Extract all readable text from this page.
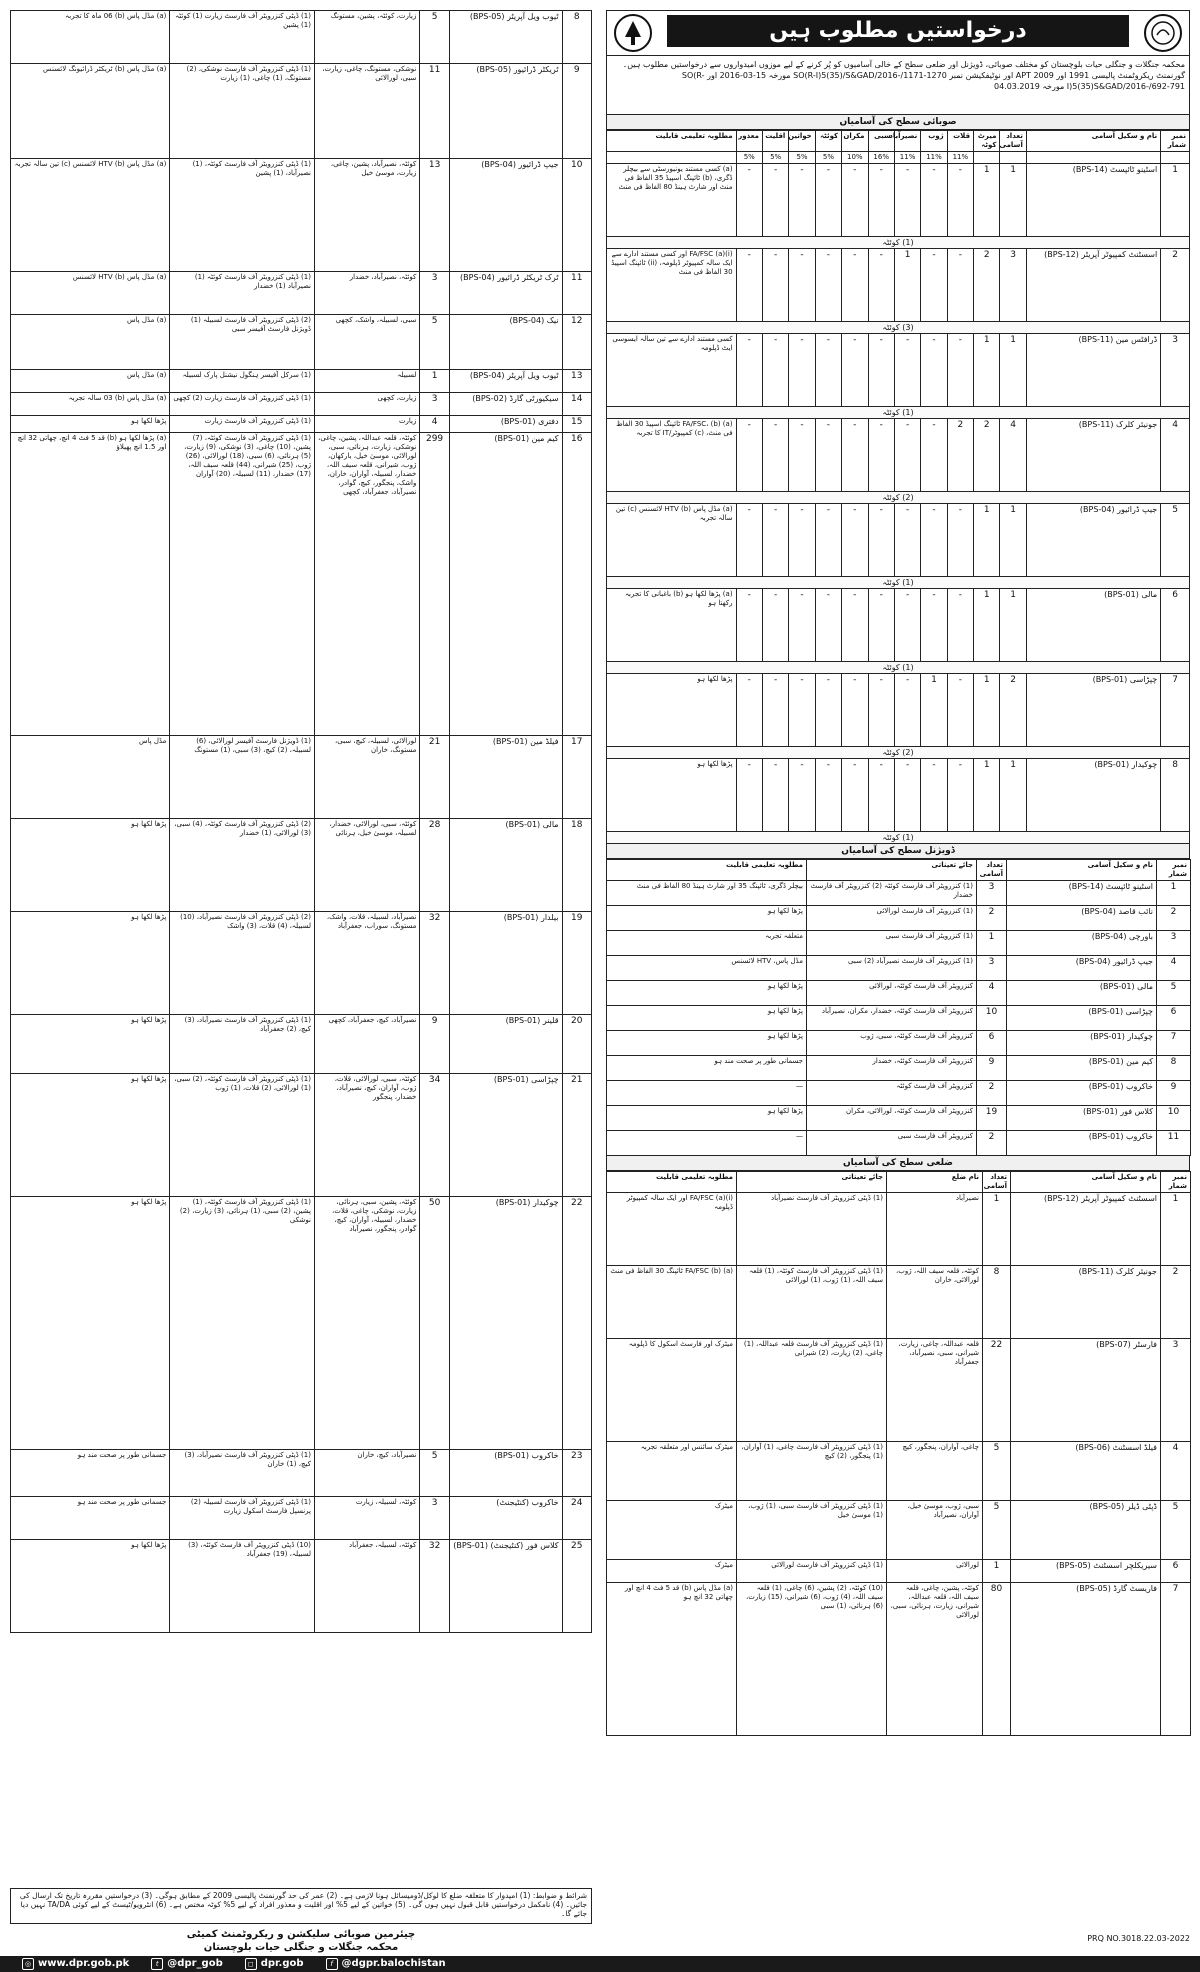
(a) مڈل پاس (b) 06 ماہ کا تجربہ	(1) ڈپٹی کنزرویٹر آف فارسٹ زیارت (1) کوئٹہ (1) پشین	زیارت، کوئٹہ، پشین، مستونگ	5	ٹیوب ویل آپریٹر (BPS-05)	8
(a) مڈل پاس (b) ٹریکٹر ڈرائیونگ لائسنس	(1) ڈپٹی کنزرویٹر آف فارسٹ نوشکی، (2) مستونگ، (1) چاغی، (1) زیارت	نوشکی، مستونگ، چاغی، زیارت، سبی، لورالائی	11	ٹریکٹر ڈرائیور (BPS-05)	9
(a) مڈل پاس (b) HTV لائسنس (c) تین سالہ تجربہ	(1) ڈپٹی کنزرویٹر آف فارسٹ کوئٹہ، (1) نصیرآباد، (1) پشین	کوئٹہ، نصیرآباد، پشین، چاغی، زیارت، موسیٰ خیل	13	جیپ ڈرائیور (BPS-04)	10
(a) مڈل پاس (b) HTV لائسنس	(1) ڈپٹی کنزرویٹر آف فارسٹ کوئٹہ (1) نصیرآباد (1) خضدار	کوئٹہ، نصیرآباد، خضدار	3	ٹرک ٹریکٹر ڈرائیور (BPS-04)	11
(a) مڈل پاس	(2) ڈپٹی کنزرویٹر آف فارسٹ لسبیلہ (1) ڈویژنل فارسٹ آفیسر سبی	سبی، لسبیلہ، واشک، کچھی	5	نیک (BPS-04)	12
(a) مڈل پاس	(1) سرکل آفیسر ہنگول نیشنل پارک لسبیلہ	لسبیلہ	1	ٹیوب ویل آپریٹر (BPS-04)	13
(a) مڈل پاس (b) 03 سالہ تجربہ	(1) ڈپٹی کنزرویٹر آف فارسٹ زیارت (2) کچھی	زیارت، کچھی	3	سیکیورٹی گارڈ (BPS-02)	14
پڑھا لکھا ہو	(1) ڈپٹی کنزرویٹر آف فارسٹ زیارت	زیارت	4	دفتری (BPS-01)	15
(a) پڑھا لکھا ہو (b) قد 5 فٹ 4 انچ، چھاتی 32 انچ اور 1.5 انچ پھیلاؤ	(1) ڈپٹی کنزرویٹر آف فارسٹ کوئٹہ، (7) پشین، (10) چاغی، (3) نوشکی، (9) زیارت، (5) ہرنائی، (6) سبی، (18) لورالائی، (26) ژوب، (25) شیرانی، (44) قلعہ سیف اللہ، (17) خضدار، (11) لسبیلہ، (20) آواران	کوئٹہ، قلعہ عبداللہ، پشین، چاغی، نوشکی، زیارت، ہرنائی، سبی، لورالائی، موسیٰ خیل، بارکھان، ژوب، شیرانی، قلعہ سیف اللہ، خضدار، لسبیلہ، آواران، خاران، واشک، پنجگور، کیچ، گوادر، نصیرآباد، جعفرآباد، کچھی	299	کیم مین (BPS-01)	16
مڈل پاس	(1) ڈویژنل فارسٹ آفیسر لورالائی، (6) لسبیلہ، (2) کیچ، (3) سبی، (1) مستونگ	لورالائی، لسبیلہ، کیچ، سبی، مستونگ، خاران	21	فیلڈ مین (BPS-01)	17
پڑھا لکھا ہو	(2) ڈپٹی کنزرویٹر آف فارسٹ کوئٹہ، (4) سبی، (3) لورالائی، (1) خضدار	کوئٹہ، سبی، لورالائی، خضدار، لسبیلہ، موسیٰ خیل، ہرنائی	28	مالی (BPS-01)	18
پڑھا لکھا ہو	(2) ڈپٹی کنزرویٹر آف فارسٹ نصیرآباد، (10) لسبیلہ، (4) قلات، (3) واشک	نصیرآباد، لسبیلہ، قلات، واشک، مستونگ، سوراب، جعفرآباد	32	بیلدار (BPS-01)	19
پڑھا لکھا ہو	(1) ڈپٹی کنزرویٹر آف فارسٹ نصیرآباد، (3) کیچ، (2) جعفرآباد	نصیرآباد، کیچ، جعفرآباد، کچھی	9	قلینر (BPS-01)	20
پڑھا لکھا ہو	(1) ڈپٹی کنزرویٹر آف فارسٹ کوئٹہ، (2) سبی، (1) لورالائی، (2) قلات، (1) ژوب	کوئٹہ، سبی، لورالائی، قلات، ژوب، آواران، کیچ، نصیرآباد، خضدار، پنجگور	34	چپڑاسی (BPS-01)	21
پڑھا لکھا ہو	(1) ڈپٹی کنزرویٹر آف فارسٹ کوئٹہ، (1) پشین، (2) سبی، (1) ہرنائی، (3) زیارت، (2) نوشکی	کوئٹہ، پشین، سبی، ہرنائی، زیارت، نوشکی، چاغی، قلات، خضدار، لسبیلہ، آواران، کیچ، گوادر، پنجگور، نصیرآباد	50	چوکیدار (BPS-01)	22
جسمانی طور پر صحت مند ہو	(1) ڈپٹی کنزرویٹر آف فارسٹ نصیرآباد، (3) کیچ، (1) خاران	نصیرآباد، کیچ، خاران	5	خاکروب (BPS-01)	23
جسمانی طور پر صحت مند ہو	(1) ڈپٹی کنزرویٹر آف فارسٹ لسبیلہ (2) پرنسپل فارسٹ اسکول زیارت	کوئٹہ، لسبیلہ، زیارت	3	خاکروب (کنٹیجنٹ)	24
پڑھا لکھا ہو	(10) ڈپٹی کنزرویٹر آف فارسٹ کوئٹہ، (3) لسبیلہ، (19) جعفرآباد	کوئٹہ، لسبیلہ، جعفرآباد	32	کلاس فور (کنٹیجنٹ) (BPS-01)	25
درخواستیں مطلوب ہیں
محکمہ جنگلات و جنگلی حیات بلوچستان کو مختلف صوبائی، ڈویژنل اور ضلعی سطح کے خالی آسامیوں کو پُر کرنے کے لیے موزوں امیدواروں سے درخواستیں مطلوب ہیں۔ گورنمنٹ ریکروٹمنٹ پالیسی 1991 اور APT 2009 اور نوٹیفکیشن نمبر SO(R-I)5(35)/S&GAD/2016-/1171-1270 مورخہ 15-03-2016 اور SO(R-I)5(35)S&GAD/2016-/692-791 مورخہ 04.03.2019
صوبائی سطح کی آسامیاں
مطلوبہ تعلیمی قابلیت	معذور	اقلیت	خواتین	کوئٹہ	مکران	سبی	نصیرآباد	ژوب	قلات	میرٹ کوٹہ	تعداد آسامی	نام و سکیل آسامی	نمبر شمار
	5%	5%	5%	5%	10%	16%	11%	11%	11%				
(a) کسی مستند یونیورسٹی سے بیچلر ڈگری، (b) ٹائپنگ اسپیڈ 35 الفاظ فی منٹ اور شارٹ ہینڈ 80 الفاظ فی منٹ	-	-	-	-	-	-	-	-	-	1	1	اسٹینو ٹائپسٹ (BPS-14)	1
(1) کوئٹہ													
(i)(a) FA/FSC اور کسی مستند ادارے سے ایک سالہ کمپیوٹر ڈپلومہ، (ii) ٹائپنگ اسپیڈ 30 الفاظ فی منٹ	-	-	-	-	-	-	1	-	-	2	3	اسسٹنٹ کمپیوٹر آپریٹر (BPS-12)	2
(3) کوئٹہ													
کسی مستند ادارے سے تین سالہ ایسوسی ایٹ ڈپلومہ	-	-	-	-	-	-	-	-	-	1	1	ڈرافٹس مین (BPS-11)	3
(1) کوئٹہ													
(a) FA/FSC، (b) ٹائپنگ اسپیڈ 30 الفاظ فی منٹ، (c) کمپیوٹر/IT کا تجربہ	-	-	-	-	-	-	-	-	2	2	4	جونیئر کلرک (BPS-11)	4
(2) کوئٹہ													
(a) مڈل پاس (b) HTV لائسنس (c) تین سالہ تجربہ	-	-	-	-	-	-	-	-	-	1	1	جیپ ڈرائیور (BPS-04)	5
(1) کوئٹہ													
(a) پڑھا لکھا ہو (b) باغبانی کا تجربہ رکھتا ہو	-	-	-	-	-	-	-	-	-	1	1	مالی (BPS-01)	6
(1) کوئٹہ													
پڑھا لکھا ہو	-	-	-	-	-	-	-	1	-	1	2	چپڑاسی (BPS-01)	7
(2) کوئٹہ													
پڑھا لکھا ہو	-	-	-	-	-	-	-	-	-	1	1	چوکیدار (BPS-01)	8
(1) کوئٹہ													
ڈویژنل سطح کی آسامیاں
مطلوبہ تعلیمی قابلیت	جائے تعیناتی	تعداد آسامی	نام و سکیل آسامی	نمبر شمار
بیچلر ڈگری، ٹائپنگ 35 اور شارٹ ہینڈ 80 الفاظ فی منٹ	(1) کنزرویٹر آف فارسٹ کوئٹہ (2) کنزرویٹر آف فارسٹ خضدار	3	اسٹینو ٹائپسٹ (BPS-14)	1
پڑھا لکھا ہو	(1) کنزرویٹر آف فارسٹ لورالائی	2	نائب قاصد (BPS-04)	2
متعلقہ تجربہ	(1) کنزرویٹر آف فارسٹ سبی	1	باورچی (BPS-04)	3
مڈل پاس، HTV لائسنس	(1) کنزرویٹر آف فارسٹ نصیرآباد (2) سبی	3	جیپ ڈرائیور (BPS-04)	4
پڑھا لکھا ہو	کنزرویٹر آف فارسٹ کوئٹہ، لورالائی	4	مالی (BPS-01)	5
پڑھا لکھا ہو	کنزرویٹر آف فارسٹ کوئٹہ، خضدار، مکران، نصیرآباد	10	چپڑاسی (BPS-01)	6
پڑھا لکھا ہو	کنزرویٹر آف فارسٹ کوئٹہ، سبی، ژوب	6	چوکیدار (BPS-01)	7
جسمانی طور پر صحت مند ہو	کنزرویٹر آف فارسٹ کوئٹہ، خضدار	9	کیم مین (BPS-01)	8
—	کنزرویٹر آف فارسٹ کوئٹہ	2	خاکروب (BPS-01)	9
پڑھا لکھا ہو	کنزرویٹر آف فارسٹ کوئٹہ، لورالائی، مکران	19	کلاس فور (BPS-01)	10
—	کنزرویٹر آف فارسٹ سبی	2	خاکروب (BPS-01)	11
ضلعی سطح کی آسامیاں
مطلوبہ تعلیمی قابلیت	جائے تعیناتی	نام ضلع	تعداد آسامی	نام و سکیل آسامی	نمبر شمار
(i)(a) FA/FSC اور ایک سالہ کمپیوٹر ڈپلومہ	(1) ڈپٹی کنزرویٹر آف فارسٹ نصیرآباد	نصیرآباد	1	اسسٹنٹ کمپیوٹر آپریٹر (BPS-12)	1
(a) FA/FSC (b) ٹائپنگ 30 الفاظ فی منٹ	(1) ڈپٹی کنزرویٹر آف فارسٹ کوئٹہ، (1) قلعہ سیف اللہ، (1) ژوب، (1) لورالائی	کوئٹہ، قلعہ سیف اللہ، ژوب، لورالائی، خاران	8	جونیئر کلرک (BPS-11)	2
میٹرک اور فارسٹ اسکول کا ڈپلومہ	(1) ڈپٹی کنزرویٹر آف فارسٹ قلعہ عبداللہ، (1) چاغی، (2) زیارت، (2) شیرانی	قلعہ عبداللہ، چاغی، زیارت، شیرانی، سبی، نصیرآباد، جعفرآباد	22	فارسٹر (BPS-07)	3
میٹرک سائنس اور متعلقہ تجربہ	(1) ڈپٹی کنزرویٹر آف فارسٹ چاغی، (1) آواران، (1) پنجگور، (2) کیچ	چاغی، آواران، پنجگور، کیچ	5	فیلڈ اسسٹنٹ (BPS-06)	4
میٹرک	(1) ڈپٹی کنزرویٹر آف فارسٹ سبی، (1) ژوب، (1) موسیٰ خیل	سبی، ژوب، موسیٰ خیل، آواران، نصیرآباد	5	ڈپٹی ڈیلر (BPS-05)	5
میٹرک	(1) ڈپٹی کنزرویٹر آف فارسٹ لورالائی	لورالائی	1	سیریکلچر اسسٹنٹ (BPS-05)	6
(a) مڈل پاس (b) قد 5 فٹ 4 انچ اور چھاتی 32 انچ ہو	(10) کوئٹہ، (2) پشین، (6) چاغی، (1) قلعہ سیف اللہ، (4) ژوب، (6) شیرانی، (15) زیارت، (6) ہرنائی، (1) سبی	کوئٹہ، پشین، چاغی، قلعہ سیف اللہ، قلعہ عبداللہ، شیرانی، زیارت، ہرنائی، سبی، لورالائی	80	فاریسٹ گارڈ (BPS-05)	7
شرائط و ضوابط: (1) امیدوار کا متعلقہ ضلع کا لوکل/ڈومیسائل ہونا لازمی ہے۔ (2) عمر کی حد گورنمنٹ پالیسی 2009 کے مطابق ہوگی۔ (3) درخواستیں مقررہ تاریخ تک ارسال کی جائیں۔ (4) نامکمل درخواستیں قابل قبول نہیں ہوں گی۔ (5) خواتین کے لیے 5% اور اقلیت و معذور افراد کے لیے 5% کوٹہ مختص ہے۔ (6) انٹرویو/ٹیسٹ کے لیے کوئی TA/DA نہیں دیا جائے گا۔
چیئرمین صوبائی سلیکشن و ریکروٹمنٹ کمیٹی
محکمہ جنگلات و جنگلی حیات بلوچستان
PRQ NO.3018.22.03-2022
◎ www.dpr.gob.pk	t @dpr_gob	◻ dpr.gob	f @dgpr.balochistan
